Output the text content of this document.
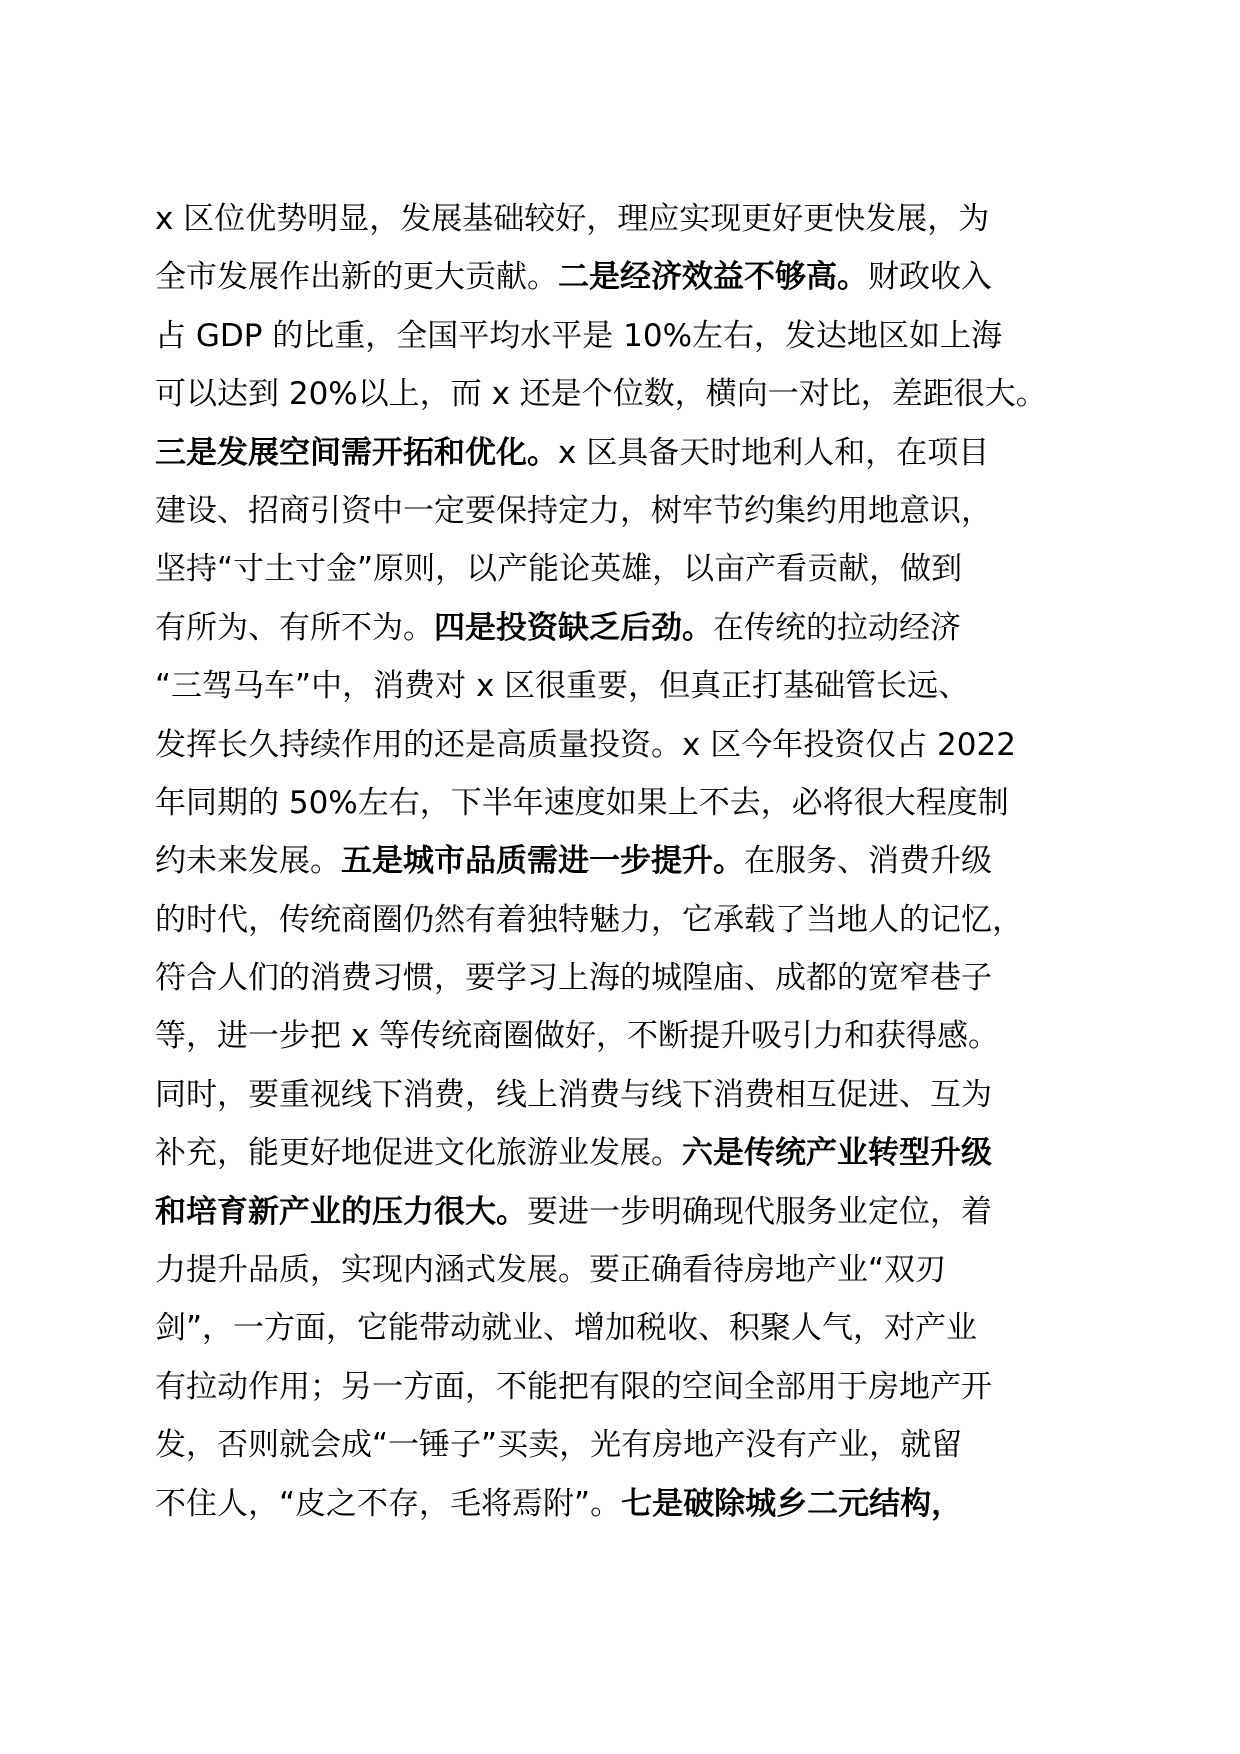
x 区位优势明显，发展基础较好，理应实现更好更快发展，为
全市发展作出新的更大贡献。二是经济效益不够高。财政收入
占 GDP 的比重，全国平均水平是 10%左右，发达地区如上海
可以达到 20%以上，而 x 还是个位数，横向一对比，差距很大。
三是发展空间需开拓和优化。x 区具备天时地利人和，在项目
建设、招商引资中一定要保持定力，树牢节约集约用地意识，
坚持“寸土寸金”原则，以产能论英雄，以亩产看贡献，做到
有所为、有所不为。四是投资缺乏后劲。在传统的拉动经济
“三驾马车”中，消费对 x 区很重要，但真正打基础管长远、
发挥长久持续作用的还是高质量投资。x 区今年投资仅占 2022
年同期的 50%左右，下半年速度如果上不去，必将很大程度制
约未来发展。五是城市品质需进一步提升。在服务、消费升级
的时代，传统商圈仍然有着独特魅力，它承载了当地人的记忆，
符合人们的消费习惯，要学习上海的城隍庙、成都的宽窄巷子
等，进一步把 x 等传统商圈做好，不断提升吸引力和获得感。
同时，要重视线下消费，线上消费与线下消费相互促进、互为
补充，能更好地促进文化旅游业发展。六是传统产业转型升级
和培育新产业的压力很大。要进一步明确现代服务业定位，着
力提升品质，实现内涵式发展。要正确看待房地产业“双刃
剑”，一方面，它能带动就业、增加税收、积聚人气，对产业
有拉动作用；另一方面，不能把有限的空间全部用于房地产开
发，否则就会成“一锤子”买卖，光有房地产没有产业，就留
不住人，“皮之不存，毛将焉附”。七是破除城乡二元结构，
